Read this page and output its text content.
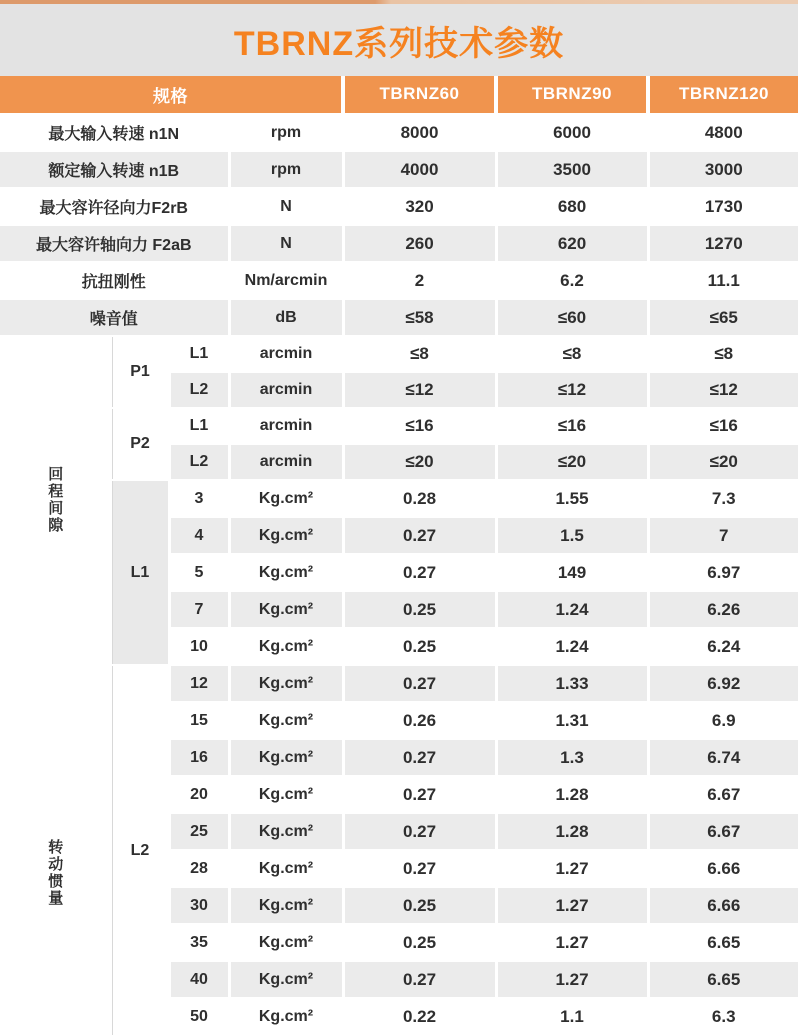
TBRNZ系列技术参数
规格				TBRNZ60	TBRNZ90	TBRNZ120
最大输入转速 n1N			rpm	8000	6000	4800
额定输入转速 n1B			rpm	4000	3500	3000
最大容许径向力F2rB			N	320	680	1730
最大容许轴向力 F2aB			N	260	620	1270
抗扭刚性			Nm/arcmin	2	6.2	11.1
噪音值			dB	≤58	≤60	≤65
回程间隙	P1	L1	arcmin	≤8	≤8	≤8
		L2	arcmin	≤12	≤12	≤12
	P2	L1	arcmin	≤16	≤16	≤16
		L2	arcmin	≤20	≤20	≤20
	L1	3	Kg.cm²	0.28	1.55	7.3
		4	Kg.cm²	0.27	1.5	7
		5	Kg.cm²	0.27	149	6.97
		7	Kg.cm²	0.25	1.24	6.26
		10	Kg.cm²	0.25	1.24	6.24
转动惯量	L2	12	Kg.cm²	0.27	1.33	6.92
		15	Kg.cm²	0.26	1.31	6.9
		16	Kg.cm²	0.27	1.3	6.74
		20	Kg.cm²	0.27	1.28	6.67
		25	Kg.cm²	0.27	1.28	6.67
		28	Kg.cm²	0.27	1.27	6.66
		30	Kg.cm²	0.25	1.27	6.66
		35	Kg.cm²	0.25	1.27	6.65
		40	Kg.cm²	0.27	1.27	6.65
		50	Kg.cm²	0.22	1.1	6.3
